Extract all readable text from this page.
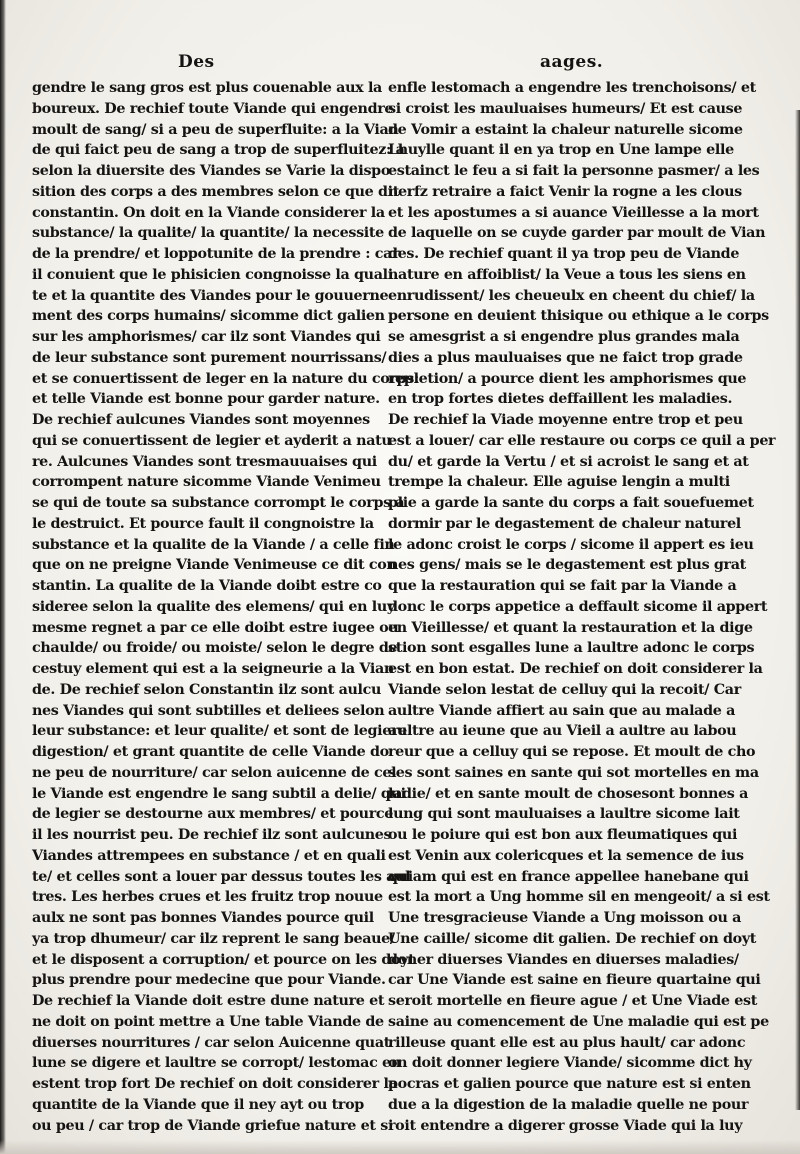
Des	aages.
gendre le sang gros est plus couenable aux la
boureux. De rechief toute Viande qui engendre
moult de sang/ si a peu de superfluite: a la Vian
de qui faict peu de sang a trop de superfluitez: a
selon la diuersite des Viandes se Varie la dispo
sition des corps a des membres selon ce que dit
constantin. On doit en la Viande considerer la
substance/ la qualite/ la quantite/ la necessite
de la prendre/ et loppotunite de la prendre : car
il conuient que le phisicien congnoisse la quali
te et la quantite des Viandes pour le gouuerne
ment des corps humains/ sicomme dict galien
sur les amphorismes/ car ilz sont Viandes qui
de leur substance sont purement nourrissans/
et se conuertissent de leger en la nature du corps:
et telle Viande est bonne pour garder nature.
De rechief aulcunes Viandes sont moyennes
qui se conuertissent de legier et ayderit a natu
re. Aulcunes Viandes sont tresmauuaises qui
corrompent nature sicomme Viande Venimeu
se qui de toute sa substance corrompt le corps a
le destruict. Et pource fault il congnoistre la
substance et la qualite de la Viande / a celle fin
que on ne preigne Viande Venimeuse ce dit con
stantin. La qualite de la Viande doibt estre co
sideree selon la qualite des elemens/ qui en luy
mesme regnet a par ce elle doibt estre iugee ou
chaulde/ ou froide/ ou moiste/ selon le degre de
cestuy element qui est a la seigneurie a la Vian
de. De rechief selon Constantin ilz sont aulcu
nes Viandes qui sont subtilles et deliees selon
leur substance: et leur qualite/ et sont de legiere
digestion/ et grant quantite de celle Viande do
ne peu de nourriture/ car selon auicenne de cel
le Viande est engendre le sang subtil a delie/ qui
de legier se destourne aux membres/ et pource
il les nourrist peu. De rechief ilz sont aulcunes
Viandes attrempees en substance / et en quali
te/ et celles sont a louer par dessus toutes les aul
tres. Les herbes crues et les fruitz trop nouue
aulx ne sont pas bonnes Viandes pource quil
ya trop dhumeur/ car ilz reprent le sang beaue/
et le disposent a corruption/ et pource on les doyt
plus prendre pour medecine que pour Viande.
De rechief la Viande doit estre dune nature et
ne doit on point mettre a Une table Viande de
diuerses nourritures / car selon Auicenne quat
lune se digere et laultre se corropt/ lestomac en
estent trop fort De rechief on doit considerer la
quantite de la Viande que il ney ayt ou trop
ou peu / car trop de Viande griefue nature et si
enfle lestomach a engendre les trenchoisons/ et
si croist les mauluaises humeurs/ Et est cause
de Vomir a estaint la chaleur naturelle sicome
Lhuylle quant il en ya trop en Une lampe elle
estainct le feu a si fait la personne pasmer/ a les
nerfz retraire a faict Venir la rogne a les clous
et les apostumes a si auance Vieillesse a la mort
de laquelle on se cuyde garder par moult de Vian
des. De rechief quant il ya trop peu de Viande
nature en affoiblist/ la Veue a tous les siens en
enrudissent/ les cheueulx en cheent du chief/ la
persone en deuient thisique ou ethique a le corps
se amesgrist a si engendre plus grandes mala
dies a plus mauluaises que ne faict trop grade
repletion/ a pource dient les amphorismes que
en trop fortes dietes deffaillent les maladies.
De rechief la Viade moyenne entre trop et peu
est a louer/ car elle restaure ou corps ce quil a per
du/ et garde la Vertu / et si acroist le sang et at
trempe la chaleur. Elle aguise lengin a multi
plie a garde la sante du corps a fait souefuemet
dormir par le degastement de chaleur naturel
le adonc croist le corps / sicome il appert es ieu
nes gens/ mais se le degastement est plus grat
que la restauration qui se fait par la Viande a
donc le corps appetice a deffault sicome il appert
en Vieillesse/ et quant la restauration et la dige
stion sont esgalles lune a laultre adonc le corps
est en bon estat. De rechief on doit considerer la
Viande selon lestat de celluy qui la recoit/ Car
aultre Viande affiert au sain que au malade a
aultre au ieune que au Vieil a aultre au labou
reur que a celluy qui se repose. Et moult de cho
ses sont saines en sante qui sot mortelles en ma
ladie/ et en sante moult de chosesont bonnes a
lung qui sont mauluaises a laultre sicome lait
ou le poiure qui est bon aux fleumatiques qui
est Venin aux colericques et la semence de ius
quiam qui est en france appellee hanebane qui
est la mort a Ung homme sil en mengeoit/ a si est
Une tresgracieuse Viande a Ung moisson ou a
Une caille/ sicome dit galien. De rechief on doyt
doner diuerses Viandes en diuerses maladies/
car Une Viande est saine en fieure quartaine qui
seroit mortelle en fieure ague / et Une Viade est
saine au comencement de Une maladie qui est pe
rilleuse quant elle est au plus hault/ car adonc
on doit donner legiere Viande/ sicomme dict hy
pocras et galien pource que nature est si enten
due a la digestion de la maladie quelle ne pour
roit entendre a digerer grosse Viade qui la luy
